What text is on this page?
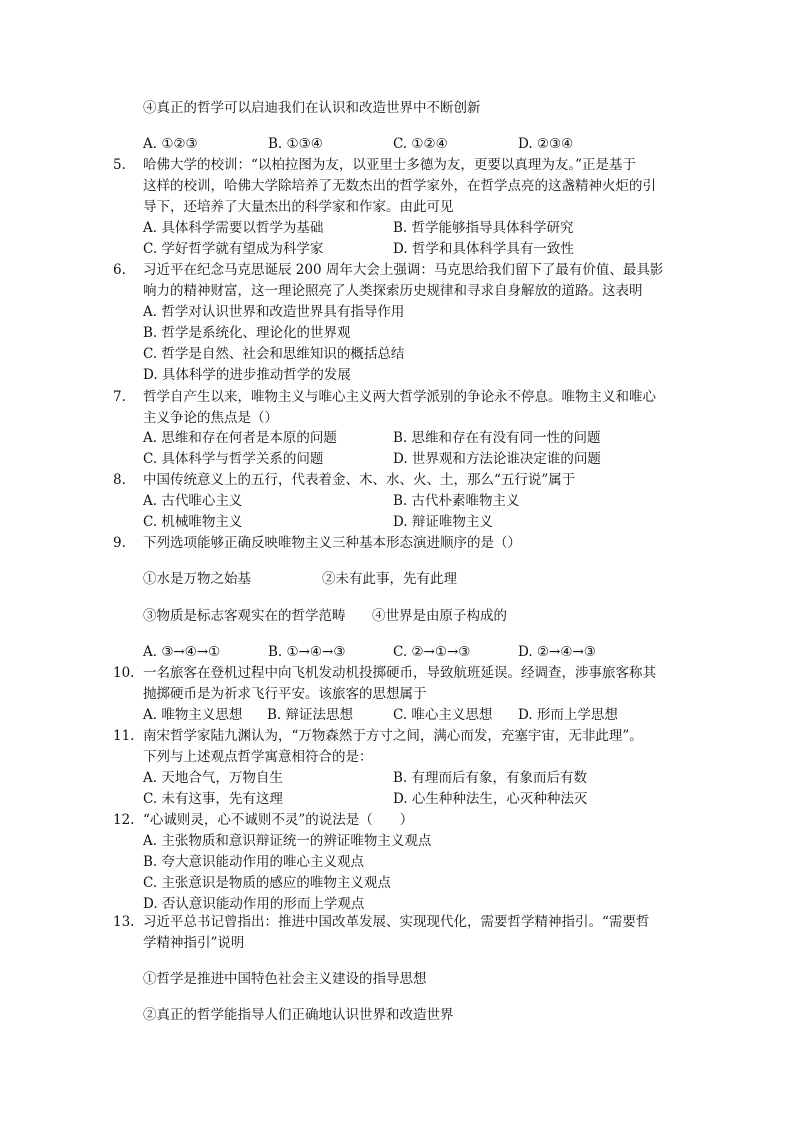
④真正的哲学可以启迪我们在认识和改造世界中不断创新
A. ①②③	B. ①③④	C. ①②④	D. ②③④
5. 哈佛大学的校训：“以柏拉图为友，以亚里士多德为友，更要以真理为友。”正是基于
这样的校训，哈佛大学除培养了无数杰出的哲学家外，在哲学点亮的这盏精神火炬的引
导下，还培养了大量杰出的科学家和作家。由此可见
A. 具体科学需要以哲学为基础	B. 哲学能够指导具体科学研究
C. 学好哲学就有望成为科学家	D. 哲学和具体科学具有一致性
6. 习近平在纪念马克思诞辰 200 周年大会上强调：马克思给我们留下了最有价值、最具影
响力的精神财富，这一理论照亮了人类探索历史规律和寻求自身解放的道路。这表明
A. 哲学对认识世界和改造世界具有指导作用
B. 哲学是系统化、理论化的世界观
C. 哲学是自然、社会和思维知识的概括总结
D. 具体科学的进步推动哲学的发展
7. 哲学自产生以来，唯物主义与唯心主义两大哲学派别的争论永不停息。唯物主义和唯心
主义争论的焦点是（）
A. 思维和存在何者是本原的问题	B. 思维和存在有没有同一性的问题
C. 具体科学与哲学关系的问题	D. 世界观和方法论谁决定谁的问题
8. 中国传统意义上的五行，代表着金、木、水、火、土，那么“五行说”属于
A. 古代唯心主义	B. 古代朴素唯物主义
C. 机械唯物主义	D. 辩证唯物主义
9. 下列选项能够正确反映唯物主义三种基本形态演进顺序的是（）
①水是万物之始基	②未有此事，先有此理
③物质是标志客观实在的哲学范畴 ④世界是由原子构成的
A. ③→④→①	B. ①→④→③	C. ②→①→③	D. ②→④→③
10. 一名旅客在登机过程中向飞机发动机投掷硬币，导致航班延误。经调查，涉事旅客称其
抛掷硬币是为祈求飞行平安。该旅客的思想属于
A. 唯物主义思想 B. 辩证法思想	C. 唯心主义思想 D. 形而上学思想
11. 南宋哲学家陆九渊认为，“万物森然于方寸之间，满心而发，充塞宇宙，无非此理”。
下列与上述观点哲学寓意相符合的是：
A. 天地合气，万物自生	B. 有理而后有象，有象而后有数
C. 未有这事，先有这理	D. 心生种种法生，心灭种种法灭
12. “心诚则灵，心不诚则不灵”的说法是（　　）
A. 主张物质和意识辩证统一的辨证唯物主义观点
B. 夸大意识能动作用的唯心主义观点
C. 主张意识是物质的感应的唯物主义观点
D. 否认意识能动作用的形而上学观点
13. 习近平总书记曾指出：推进中国改革发展、实现现代化，需要哲学精神指引。“需要哲
学精神指引”说明
①哲学是推进中国特色社会主义建设的指导思想
②真正的哲学能指导人们正确地认识世界和改造世界
